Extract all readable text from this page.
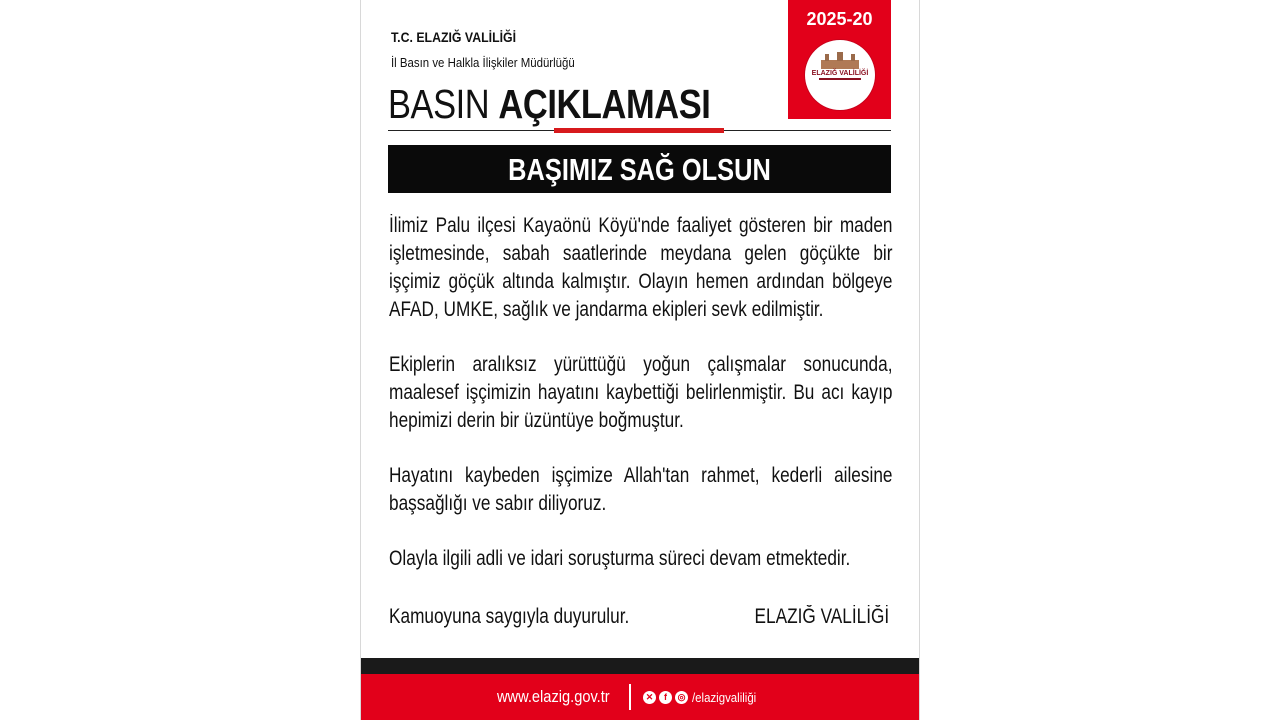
T.C. ELAZIĞ VALİLİĞİ
İl Basın ve Halkla İlişkiler Müdürlüğü
BASIN AÇIKLAMASI
2025-20
ELAZIĞ VALİLİĞİ
BAŞIMIZ SAĞ OLSUN

İlimiz Palu ilçesi Kayaönü Köyü'nde faaliyet gösteren bir maden işletmesinde, sabah saatlerinde meydana gelen göçükte bir işçimiz göçük altında kalmıştır. Olayın hemen ardından bölgeye AFAD, UMKE, sağlık ve jandarma ekipleri sevk edilmiştir.

Ekiplerin aralıksız yürüttüğü yoğun çalışmalar sonucunda, maalesef işçimizin hayatını kaybettiği belirlenmiştir. Bu acı kayıp hepimizi derin bir üzüntüye boğmuştur.

Hayatını kaybeden işçimize Allah'tan rahmet, kederli ailesine başsağlığı ve sabır diliyoruz.

Olayla ilgili adli ve idari soruşturma süreci devam etmektedir.

Kamuoyuna saygıyla duyurulur.	ELAZIĞ VALİLİĞİ
www.elazig.gov.tr	✕	f	◎ /elazigvaliliği
